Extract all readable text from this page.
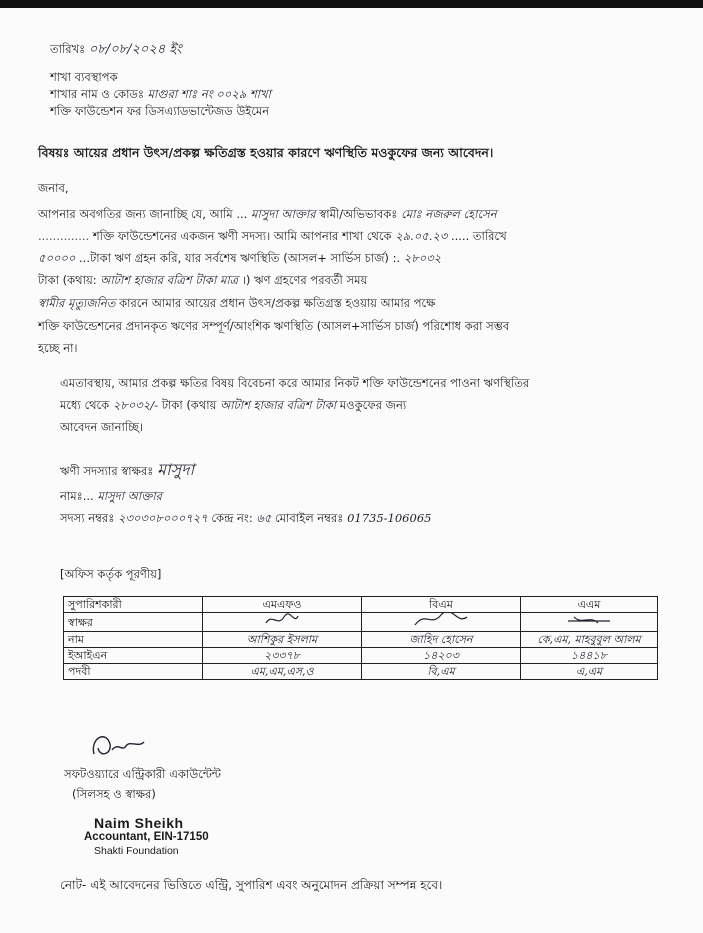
তারিখঃ ০৮/০৮/২০২৪ ইং
শাখা ব্যবস্থাপক
শাখার নাম ও কোডঃ মাগুরা শাঃ নং ০০২৯ শাখা
শক্তি ফাউন্ডেশন ফর ডিসএ্যাডভান্টেজড উইমেন
বিষয়ঃ আয়ের প্রধান উৎস/প্রকল্প ক্ষতিগ্রস্ত হওয়ার কারণে ঋণস্থিতি মওকুফের জন্য আবেদন।
জনাব,
আপনার অবগতির জন্য জানাচ্ছি যে, আমি ... মাসুদা আক্তার স্বামী/অভিভাবকঃ মোঃ নজরুল হোসেন
.............. শক্তি ফাউন্ডেশনের একজন ঋণী সদস্য। আমি আপনার শাখা থেকে ২৯.০৫.২৩ ..... তারিখে
৫০০০০ ...টাকা ঋণ গ্রহন করি, যার সর্বশেষ ঋণস্থিতি (আসল+ সার্ভিস চার্জ) :. ২৮০৩২
টাকা (কথায়: আটাশ হাজার বত্রিশ টাকা মাত্র ।) ঋণ গ্রহণের পরবর্তী সময়
স্বামীর মৃত্যুজনিত কারনে আমার আয়ের প্রধান উৎস/প্রকল্প ক্ষতিগ্রস্ত হওয়ায় আমার পক্ষে
শক্তি ফাউন্ডেশনের প্রদানকৃত ঋণের সম্পূর্ণ/আংশিক ঋণস্থিতি (আসল+সার্ভিস চার্জ) পরিশোধ করা সম্ভব
হচ্ছে না।
এমতাবস্থায়, আমার প্রকল্প ক্ষতির বিষয় বিবেচনা করে আমার নিকট শক্তি ফাউন্ডেশনের পাওনা ঋণস্থিতির
মধ্যে থেকে ২৮০৩২/- টাকা (কথায় আটাশ হাজার বত্রিশ টাকা মওকুফের জন্য
আবেদন জানাচ্ছি।
ঋণী সদস্যার স্বাক্ষরঃ মাসুদা
নামঃ... মাসুদা আক্তার
সদস্য নম্বরঃ ২৩০৩০৮০০০৭২৭ কেন্দ্র নং: ৬৫ মোবাইল নম্বরঃ 01735-106065
[অফিস কর্তৃক পূরণীয়]
সুপারিশকারী	এমএফও	বিএম	এএম
স্বাক্ষর			
নাম	আশিকুর ইসলাম	জাহিদ হোসেন	কে,এম, মাহবুবুল আলম
ইআইএন	২৩৩৭৮	১৪২০৩	১৪৪১৮
পদবী	এম,এম,এস,ও	বি,এম	এ,এম
সফটওয়্যারে এন্ট্রিকারী একাউন্টেন্ট
(সিলসহ ও স্বাক্ষর)
Naim Sheikh
Accountant, EIN-17150
Shakti Foundation
নোট- এই আবেদনের ভিত্তিতে এন্ট্রি, সুপারিশ এবং অনুমোদন প্রক্রিয়া সম্পন্ন হবে।
